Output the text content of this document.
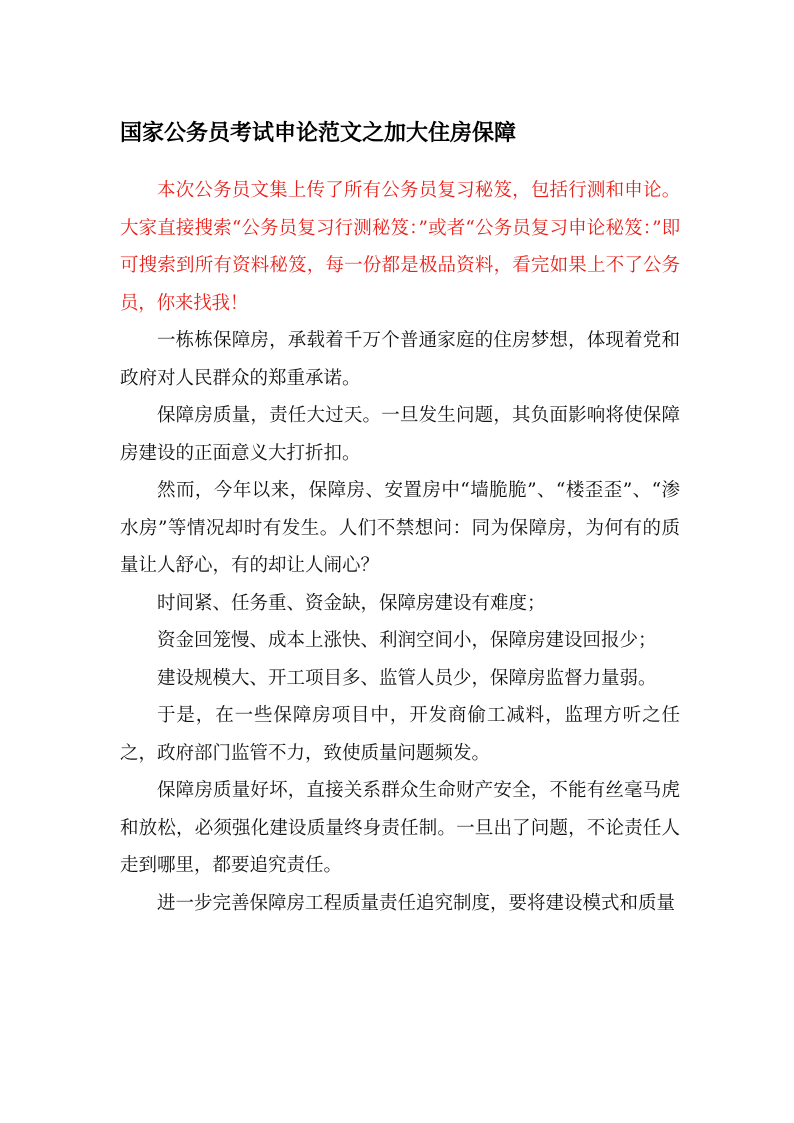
国家公务员考试申论范文之加大住房保障

本次公务员文集上传了所有公务员复习秘笈，包括行测和申论。大家直接搜索“公务员复习行测秘笈：”或者“公务员复习申论秘笈：”即可搜索到所有资料秘笈，每一份都是极品资料，看完如果上不了公务员，你来找我！

一栋栋保障房，承载着千万个普通家庭的住房梦想，体现着党和政府对人民群众的郑重承诺。

保障房质量，责任大过天。一旦发生问题，其负面影响将使保障房建设的正面意义大打折扣。

然而，今年以来，保障房、安置房中“墙脆脆”、“楼歪歪”、“渗水房”等情况却时有发生。人们不禁想问：同为保障房，为何有的质量让人舒心，有的却让人闹心？

时间紧、任务重、资金缺，保障房建设有难度；

资金回笼慢、成本上涨快、利润空间小，保障房建设回报少；

建设规模大、开工项目多、监管人员少，保障房监督力量弱。

于是，在一些保障房项目中，开发商偷工减料，监理方听之任之，政府部门监管不力，致使质量问题频发。

保障房质量好坏，直接关系群众生命财产安全，不能有丝毫马虎和放松，必须强化建设质量终身责任制。一旦出了问题，不论责任人走到哪里，都要追究责任。

进一步完善保障房工程质量责任追究制度，要将建设模式和质量
